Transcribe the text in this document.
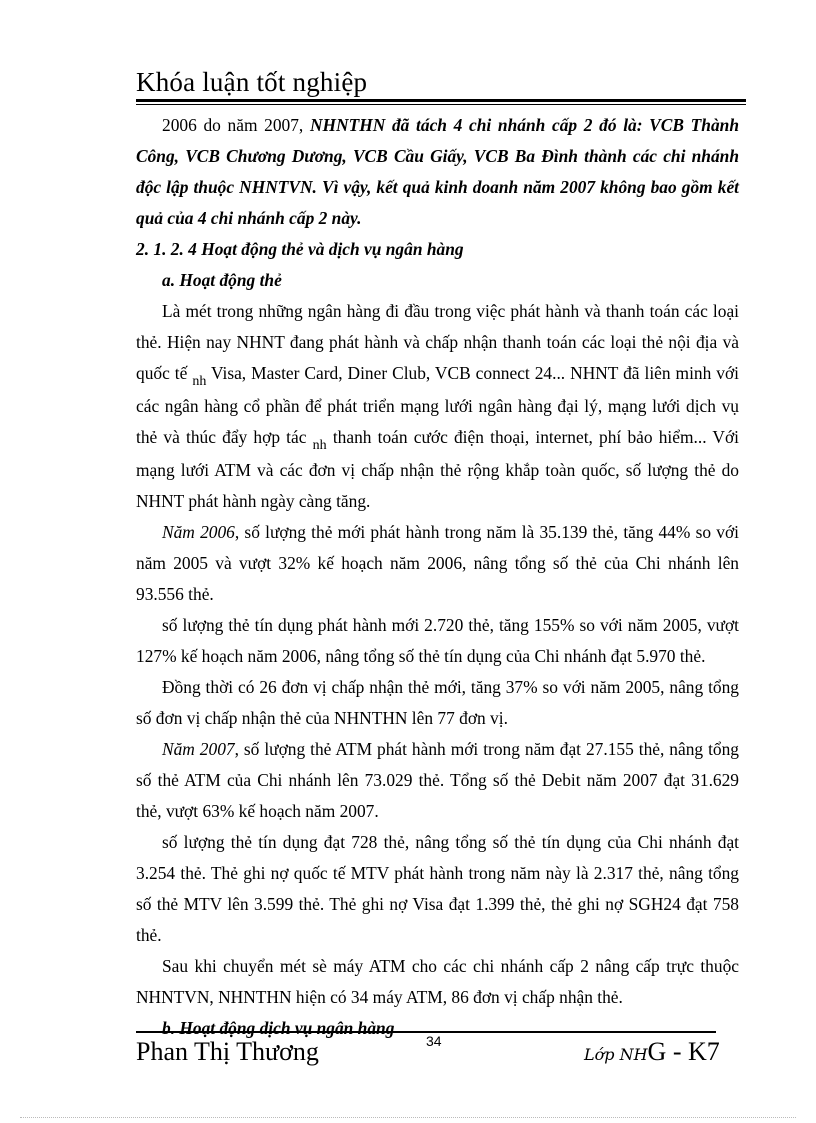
Khóa luận tốt nghiệp

2006 do năm 2007, NHNTHN đã tách 4 chi nhánh cấp 2 đó là: VCB Thành Công, VCB Chương Dương, VCB Cầu Giấy, VCB Ba Đình thành các chi nhánh độc lập thuộc NHNTVN. Vì vậy, kết quả kinh doanh năm 2007 không bao gồm kết quả của 4 chi nhánh cấp 2 này.

2. 1. 2. 4 Hoạt động thẻ và dịch vụ ngân hàng

a. Hoạt động thẻ

Là mét trong những ngân hàng đi đầu trong việc phát hành và thanh toán các loại thẻ. Hiện nay NHNT đang phát hành và chấp nhận thanh toán các loại thẻ nội địa và quốc tế $_{nh}$ Visa, Master Card, Diner Club, VCB connect 24... NHNT đã liên minh với các ngân hàng cổ phần để phát triển mạng lưới ngân hàng đại lý, mạng lưới dịch vụ thẻ và thúc đẩy hợp tác $_{nh}$ thanh toán cước điện thoại, internet, phí bảo hiểm... Với mạng lưới ATM và các đơn vị chấp nhận thẻ rộng khắp toàn quốc, số lượng thẻ do NHNT phát hành ngày càng tăng.

Năm 2006, số lượng thẻ mới phát hành trong năm là 35.139 thẻ, tăng 44% so với năm 2005 và vượt 32% kế hoạch năm 2006, nâng tổng số thẻ của Chi nhánh lên 93.556 thẻ.

số lượng thẻ tín dụng phát hành mới 2.720 thẻ, tăng 155% so với năm 2005, vượt 127% kế hoạch năm 2006, nâng tổng số thẻ tín dụng của Chi nhánh đạt 5.970 thẻ.

Đồng thời có 26 đơn vị chấp nhận thẻ mới, tăng 37% so với năm 2005, nâng tổng số đơn vị chấp nhận thẻ của NHNTHN lên 77 đơn vị.

Năm 2007, số lượng thẻ ATM phát hành mới trong năm đạt 27.155 thẻ, nâng tổng số thẻ ATM của Chi nhánh lên 73.029 thẻ. Tổng số thẻ Debit năm 2007 đạt 31.629 thẻ, vượt 63% kế hoạch năm 2007.

số lượng thẻ tín dụng đạt 728 thẻ, nâng tổng số thẻ tín dụng của Chi nhánh đạt 3.254 thẻ. Thẻ ghi nợ quốc tế MTV phát hành trong năm này là 2.317 thẻ, nâng tổng số thẻ MTV lên 3.599 thẻ. Thẻ ghi nợ Visa đạt 1.399 thẻ, thẻ ghi nợ SGH24 đạt 758 thẻ.

Sau khi chuyển mét sè máy ATM cho các chi nhánh cấp 2 nâng cấp trực thuộc NHNTVN, NHNTHN hiện có 34 máy ATM, 86 đơn vị chấp nhận thẻ.

b. Hoạt động dịch vụ ngân hàng

Phan Thị Thương	34
Lớp NHG - K7
